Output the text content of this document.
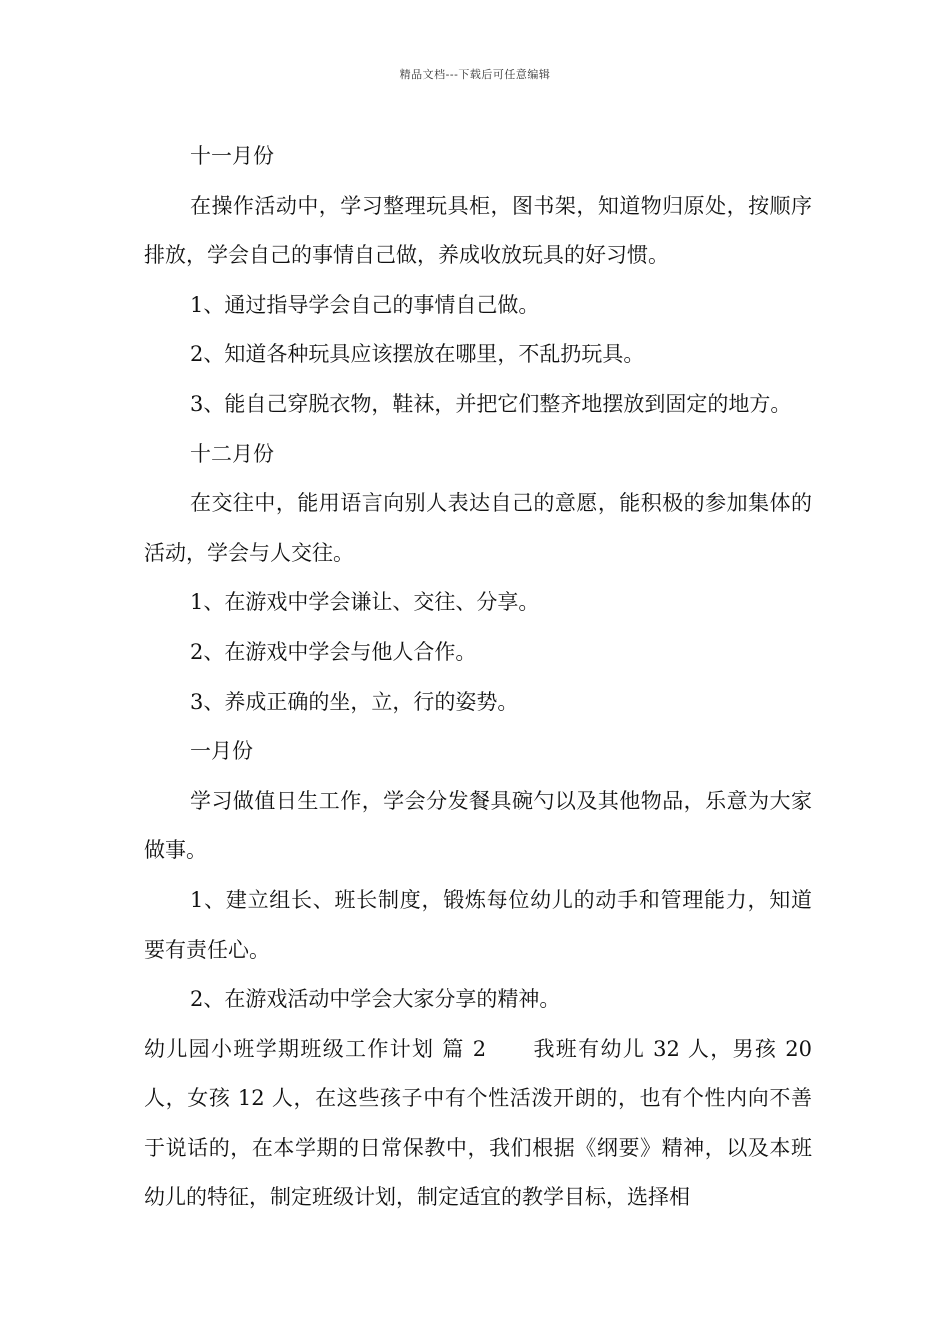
精品文档---下载后可任意编辑

十一月份

在操作活动中，学习整理玩具柜，图书架，知道物归原处，按顺序排放，学会自己的事情自己做，养成收放玩具的好习惯。

1、通过指导学会自己的事情自己做。

2、知道各种玩具应该摆放在哪里，不乱扔玩具。

3、能自己穿脱衣物，鞋袜，并把它们整齐地摆放到固定的地方。

十二月份

在交往中，能用语言向别人表达自己的意愿，能积极的参加集体的活动，学会与人交往。

1、在游戏中学会谦让、交往、分享。

2、在游戏中学会与他人合作。

3、养成正确的坐，立，行的姿势。

一月份

学习做值日生工作，学会分发餐具碗勺以及其他物品，乐意为大家做事。

1、建立组长、班长制度，锻炼每位幼儿的动手和管理能力，知道要有责任心。

2、在游戏活动中学会大家分享的精神。

幼儿园小班学期班级工作计划 篇 2 我班有幼儿 32 人，男孩 20 人，女孩 12 人，在这些孩子中有个性活泼开朗的，也有个性内向不善于说话的，在本学期的日常保教中，我们根据《纲要》精神，以及本班幼儿的特征，制定班级计划，制定适宜的教学目标，选择相
